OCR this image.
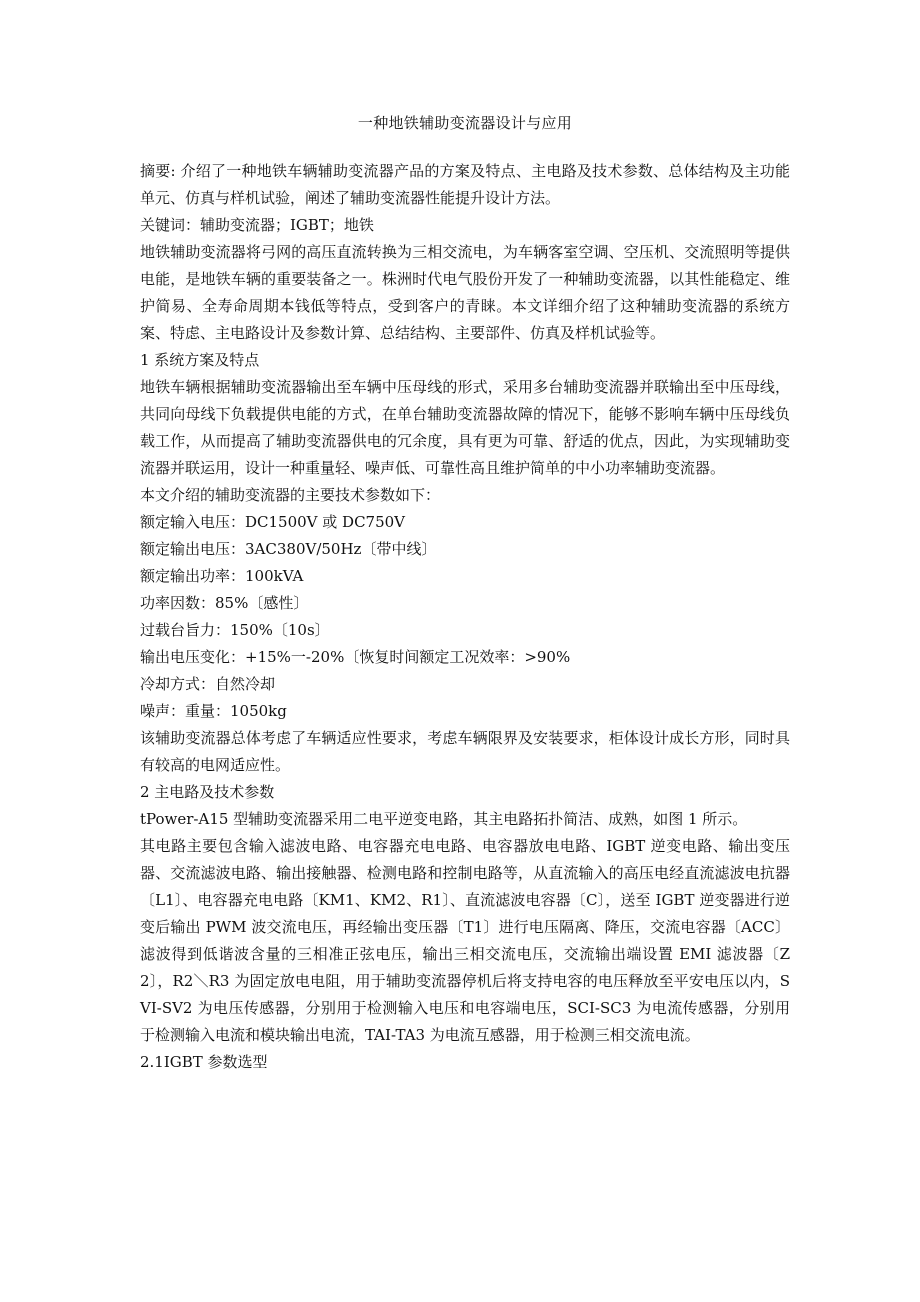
一种地铁辅助变流器设计与应用

摘要: 介绍了一种地铁车辆辅助变流器产品的方案及特点、主电路及技术参数、总体结构及主功能单元、仿真与样机试验，阐述了辅助变流器性能提升设计方法。

关键词：辅助变流器；IGBT；地铁

地铁辅助变流器将弓网的高压直流转换为三相交流电，为车辆客室空调、空压机、交流照明等提供电能，是地铁车辆的重要装备之一。株洲时代电气股份开发了一种辅助变流器，以其性能稳定、维护简易、全寿命周期本钱低等特点，受到客户的青睐。本文详细介绍了这种辅助变流器的系统方案、特虑、主电路设计及参数计算、总结结构、主要部件、仿真及样机试验等。

1 系统方案及特点

地铁车辆根据辅助变流器输出至车辆中压母线的形式，采用多台辅助变流器并联输出至中压母线，共同向母线下负载提供电能的方式，在单台辅助变流器故障的情况下，能够不影响车辆中压母线负载工作，从而提高了辅助变流器供电的冗余度，具有更为可靠、舒适的优点，因此，为实现辅助变流器并联运用，设计一种重量轻、噪声低、可靠性高且维护简单的中小功率辅助变流器。

本文介绍的辅助变流器的主要技术参数如下：

额定输入电压：DC1500V 或 DC750V

额定输出电压：3AC380V/50Hz〔带中线〕

额定输出功率：100kVA

功率因数：85%〔感性〕

过载台旨力：150%〔10s〕

输出电压变化：+15%一-20%〔恢复时间额定工况效率：>90%

冷却方式：自然冷却

噪声：重量：1050kg

该辅助变流器总体考虑了车辆适应性要求，考虑车辆限界及安装要求，柜体设计成长方形，同时具有较高的电网适应性。

2 主电路及技术参数

tPower-A15 型辅助变流器采用二电平逆变电路，其主电路拓扑简洁、成熟，如图 1 所示。

其电路主要包含输入滤波电路、电容器充电电路、电容器放电电路、IGBT 逆变电路、输出变压器、交流滤波电路、输出接触器、检测电路和控制电路等，从直流输入的高压电经直流滤波电抗器〔L1〕、电容器充电电路〔KM1、KM2、R1〕、直流滤波电容器〔C〕，送至 IGBT 逆变器进行逆变后输出 PWM 波交流电压，再经输出变压器〔T1〕进行电压隔离、降压，交流电容器〔ACC〕滤波得到低谐波含量的三相准正弦电压，输出三相交流电压，交流输出端设置 EMI 滤波器〔Z2〕，R2＼R3 为固定放电电阻，用于辅助变流器停机后将支持电容的电压释放至平安电压以内，SVI-SV2 为电压传感器，分别用于检测输入电压和电容端电压，SCI-SC3 为电流传感器，分别用于检测输入电流和模块输出电流，TAI-TA3 为电流互感器，用于检测三相交流电流。

2.1IGBT 参数选型
